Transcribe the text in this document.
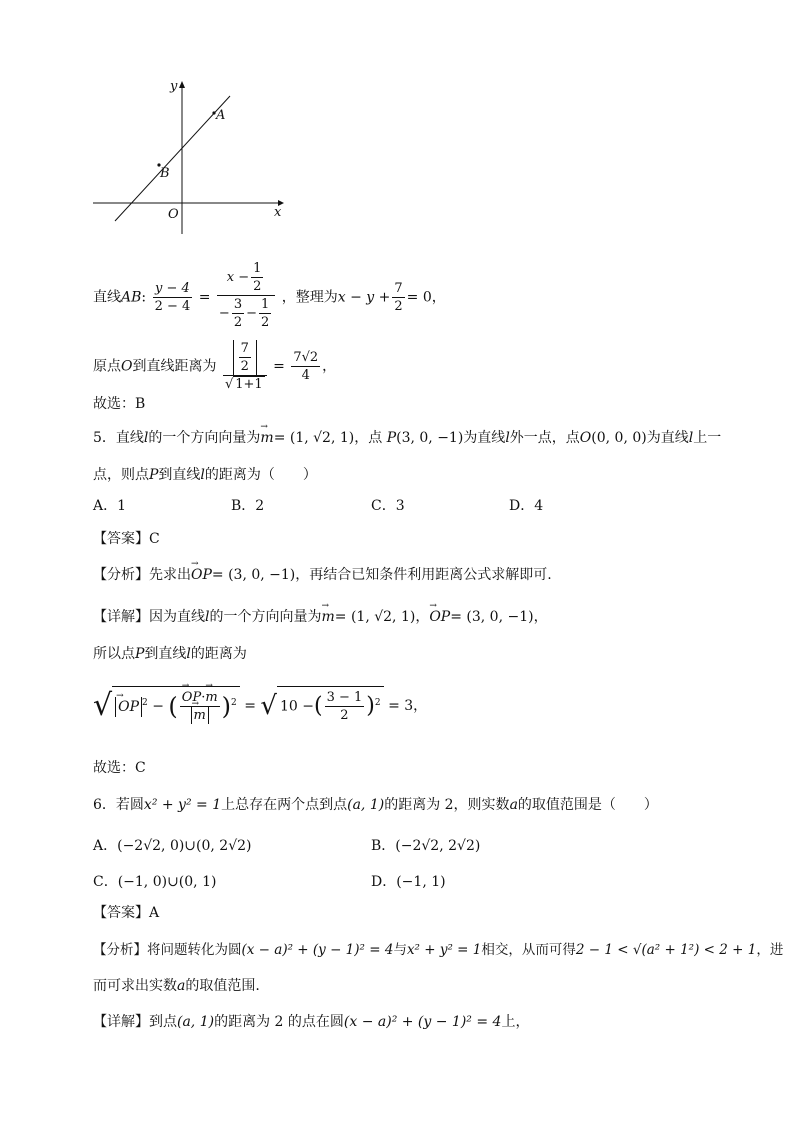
y
x
O
A
B
直线AB: $\frac{y - 4}{2 - 4} = \frac{x - \frac{1}{2}}{- \frac{3}{2} - \frac{1}{2}}$ ，整理为$x - y + \frac{7}{2} = 0$，
原点O到直线距离为 $\frac{\frac{7}{2}}{√ 1+1} = \frac{7√2}{4}$ ，
故选：B
5．直线l的一个方向向量为→ m= (1, √2, 1)，点 P(3, 0, −1)为直线l外一点，点O(0, 0, 0)为直线l上一
点，则点P到直线l的距离为（　　）
A．1	B．2	C．3	D．4
【答案】C
【分析】先求出→ OP= (3, 0, −1)，再结合已知条件利用距离公式求解即可.
【详解】因为直线l的一个方向向量为→ m= (1, √2, 1)，→ OP= (3, 0, −1)，
所以点P到直线l的距离为
√ → OP $^2$ − ( → OP·→ m
→ m )$^2$ = √ 10 −( $\frac{3 - 1}{2} )^2 = 3$，
故选：C
6．若圆x² + y² = 1上总存在两个点到点(a, 1)的距离为 2，则实数a的取值范围是（　　）
A．(−2√2, 0)∪(0, 2√2)	B．(−2√2, 2√2)
C．(−1, 0)∪(0, 1)	D．(−1, 1)
【答案】A
【分析】将问题转化为圆(x − a)² + (y − 1)² = 4与x² + y² = 1相交，从而可得2 − 1 < √(a² + 1²) < 2 + 1，进
而可求出实数a的取值范围.
【详解】到点(a, 1)的距离为 2 的点在圆(x − a)² + (y − 1)² = 4上，
